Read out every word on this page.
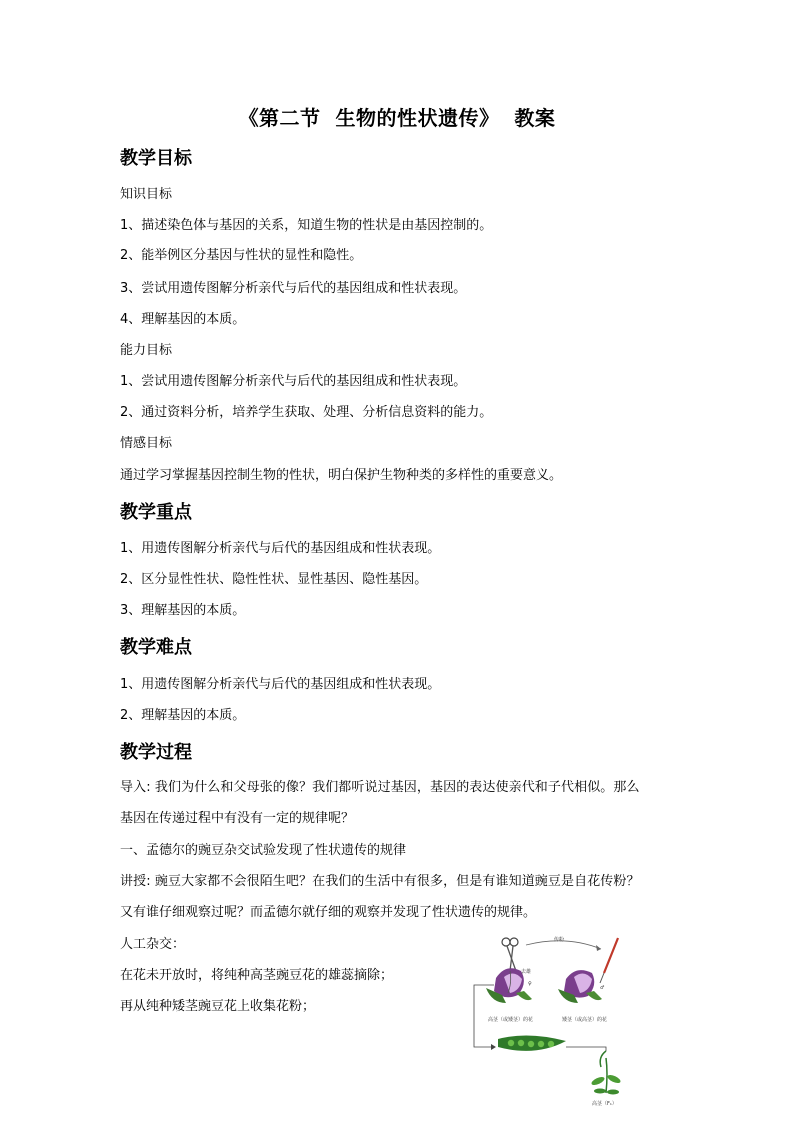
《第二节  生物的性状遗传》  教案
教学目标
知识目标
1、描述染色体与基因的关系，知道生物的性状是由基因控制的。
2、能举例区分基因与性状的显性和隐性。
3、尝试用遗传图解分析亲代与后代的基因组成和性状表现。
4、理解基因的本质。
能力目标
1、尝试用遗传图解分析亲代与后代的基因组成和性状表现。
2、通过资料分析，培养学生获取、处理、分析信息资料的能力。
情感目标
通过学习掌握基因控制生物的性状，明白保护生物种类的多样性的重要意义。
教学重点
1、用遗传图解分析亲代与后代的基因组成和性状表现。
2、区分显性性状、隐性性状、显性基因、隐性基因。
3、理解基因的本质。
教学难点
1、用遗传图解分析亲代与后代的基因组成和性状表现。
2、理解基因的本质。
教学过程
导入: 我们为什么和父母张的像？我们都听说过基因，基因的表达使亲代和子代相似。那么
基因在传递过程中有没有一定的规律呢？
一、孟德尔的豌豆杂交试验发现了性状遗传的规律
讲授: 豌豆大家都不会很陌生吧？在我们的生活中有很多，但是有谁知道豌豆是自花传粉？
又有谁仔细观察过呢？而孟德尔就仔细的观察并发现了性状遗传的规律。
人工杂交：
在花未开放时，将纯种高茎豌豆花的雄蕊摘除；
再从纯种矮茎豌豆花上收集花粉；
传粉
去雄
♀
高茎（或矮茎）的花
♂
矮茎（或高茎）的花
高茎（F₁）
